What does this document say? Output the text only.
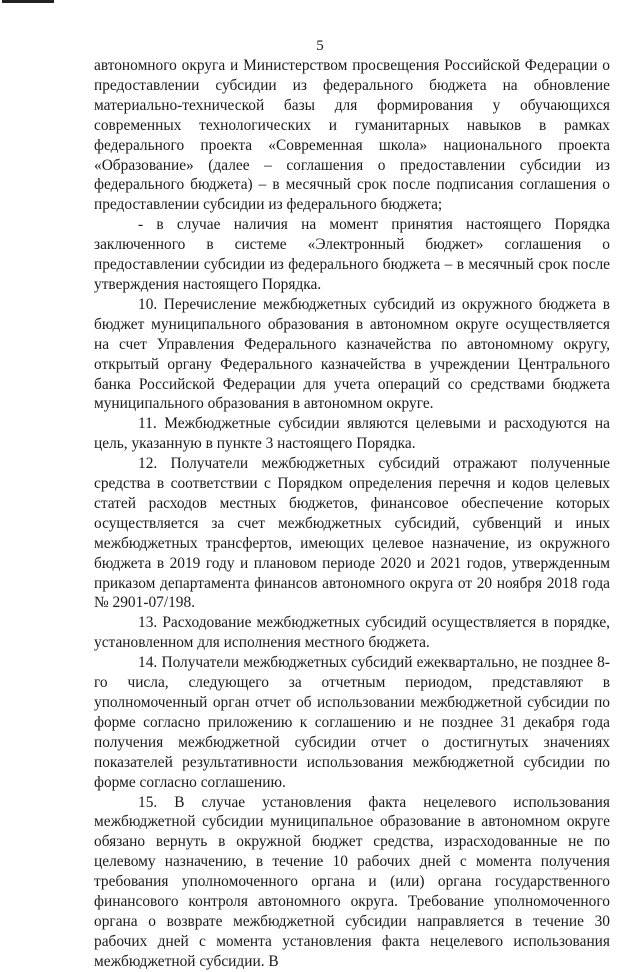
5

автономного округа и Министерством просвещения Российской Федерации о предоставлении субсидии из федерального бюджета на обновление материально-технической базы для формирования у обучающихся современных технологических и гуманитарных навыков в рамках федерального проекта «Современная школа» национального проекта «Образование» (далее – соглашения о предоставлении субсидии из федерального бюджета) – в месячный срок после подписания соглашения о предоставлении субсидии из федерального бюджета;

- в случае наличия на момент принятия настоящего Порядка заключенного в системе «Электронный бюджет» соглашения о предоставлении субсидии из федерального бюджета – в месячный срок после утверждения настоящего Порядка.

10. Перечисление межбюджетных субсидий из окружного бюджета в бюджет муниципального образования в автономном округе осуществляется на счет Управления Федерального казначейства по автономному округу, открытый органу Федерального казначейства в учреждении Центрального банка Российской Федерации для учета операций со средствами бюджета муниципального образования в автономном округе.

11. Межбюджетные субсидии являются целевыми и расходуются на цель, указанную в пункте 3 настоящего Порядка.

12. Получатели межбюджетных субсидий отражают полученные средства в соответствии с Порядком определения перечня и кодов целевых статей расходов местных бюджетов, финансовое обеспечение которых осуществляется за счет межбюджетных субсидий, субвенций и иных межбюджетных трансфертов, имеющих целевое назначение, из окружного бюджета в 2019 году и плановом периоде 2020 и 2021 годов, утвержденным приказом департамента финансов автономного округа от 20 ноября 2018 года № 2901-07/198.

13. Расходование межбюджетных субсидий осуществляется в порядке, установленном для исполнения местного бюджета.

14. Получатели межбюджетных субсидий ежеквартально, не позднее 8-го числа, следующего за отчетным периодом, представляют в уполномоченный орган отчет об использовании межбюджетной субсидии по форме согласно приложению к соглашению и не позднее 31 декабря года получения межбюджетной субсидии отчет о достигнутых значениях показателей результативности использования межбюджетной субсидии по форме согласно соглашению.

15. В случае установления факта нецелевого использования межбюджетной субсидии муниципальное образование в автономном округе обязано вернуть в окружной бюджет средства, израсходованные не по целевому назначению, в течение 10 рабочих дней с момента получения требования уполномоченного органа и (или) органа государственного финансового контроля автономного округа. Требование уполномоченного органа о возврате межбюджетной субсидии направляется в течение 30 рабочих дней с момента установления факта нецелевого использования межбюджетной субсидии. В
